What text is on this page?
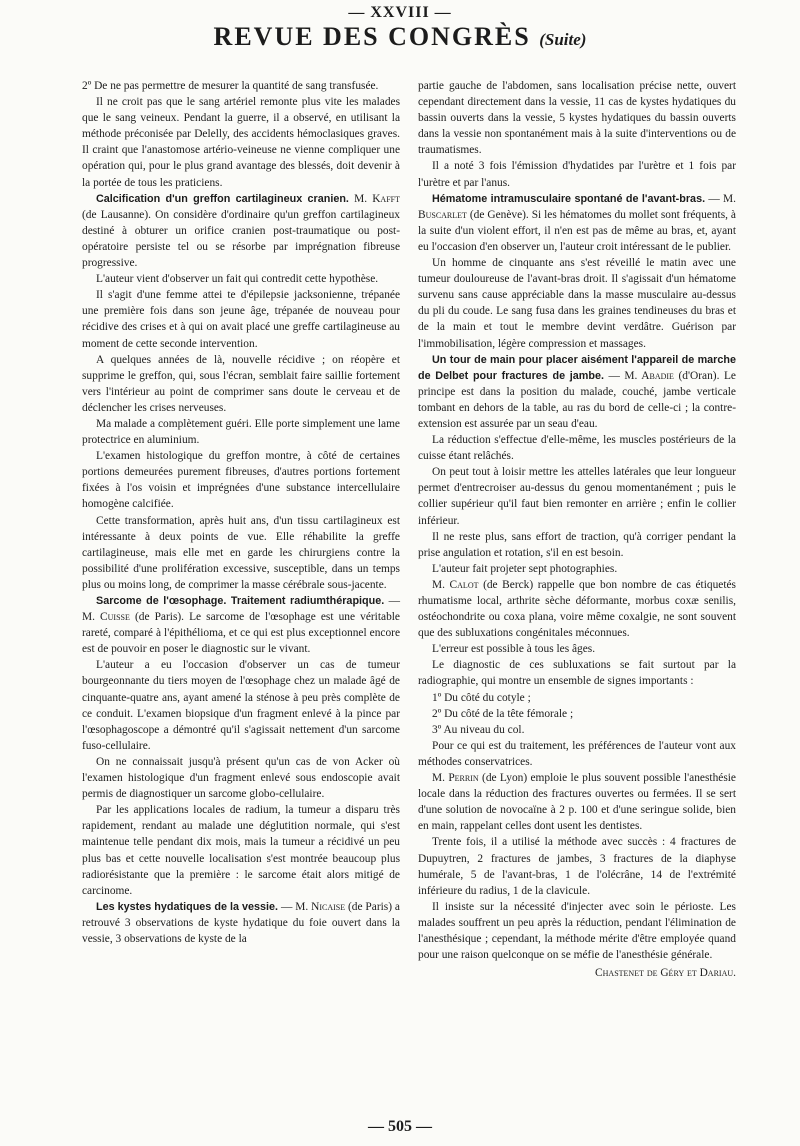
— XXVIII —
REVUE DES CONGRÈS (Suite)

2º De ne pas permettre de mesurer la quantité de sang transfusée.

Il ne croit pas que le sang artériel remonte plus vite les malades que le sang veineux. Pendant la guerre, il a observé, en utilisant la méthode préconisée par Delelly, des accidents hémoclasiques graves. Il craint que l'anastomose artério-veineuse ne vienne compliquer une opération qui, pour le plus grand avantage des blessés, doit devenir à la portée de tous les praticiens.

Calcification d'un greffon cartilagineux cranien. M. Kafft (de Lausanne). On considère d'ordinaire qu'un greffon cartilagineux destiné à obturer un orifice cranien post-traumatique ou post-opératoire persiste tel ou se résorbe par imprégnation fibreuse progressive.

L'auteur vient d'observer un fait qui contredit cette hypothèse.

Il s'agit d'une femme attei te d'épilepsie jacksonienne, trépanée une première fois dans son jeune âge, trépanée de nouveau pour récidive des crises et à qui on avait placé une greffe cartilagineuse au moment de cette seconde intervention.

A quelques années de là, nouvelle récidive ; on réopère et supprime le greffon, qui, sous l'écran, semblait faire saillie fortement vers l'intérieur au point de comprimer sans doute le cerveau et de déclencher les crises nerveuses.

Ma malade a complètement guéri. Elle porte simplement une lame protectrice en aluminium.

L'examen histologique du greffon montre, à côté de certaines portions demeurées purement fibreuses, d'autres portions fortement fixées à l'os voisin et imprégnées d'une substance intercellulaire homogène calcifiée.

Cette transformation, après huit ans, d'un tissu cartilagineux est intéressante à deux points de vue. Elle réhabilite la greffe cartilagineuse, mais elle met en garde les chirurgiens contre la possibilité d'une prolifération excessive, susceptible, dans un temps plus ou moins long, de comprimer la masse cérébrale sous-jacente.

Sarcome de l'œsophage. Traitement radiumthérapique. — M. Cuisse (de Paris). Le sarcome de l'œsophage est une véritable rareté, comparé à l'épithélioma, et ce qui est plus exceptionnel encore est de pouvoir en poser le diagnostic sur le vivant.

L'auteur a eu l'occasion d'observer un cas de tumeur bourgeonnante du tiers moyen de l'œsophage chez un malade âgé de cinquante-quatre ans, ayant amené la sténose à peu près complète de ce conduit. L'examen biopsique d'un fragment enlevé à la pince par l'œsophagoscope a démontré qu'il s'agissait nettement d'un sarcome fuso-cellulaire.

On ne connaissait jusqu'à présent qu'un cas de von Acker où l'examen histologique d'un fragment enlevé sous endoscopie avait permis de diagnostiquer un sarcome globo-cellulaire.

Par les applications locales de radium, la tumeur a disparu très rapidement, rendant au malade une déglutition normale, qui s'est maintenue telle pendant dix mois, mais la tumeur a récidivé un peu plus bas et cette nouvelle localisation s'est montrée beaucoup plus radiorésistante que la première : le sarcome était alors mitigé de carcinome.

Les kystes hydatiques de la vessie. — M. Nicaise (de Paris) a retrouvé 3 observations de kyste hydatique du foie ouvert dans la vessie, 3 observations de kyste de la

partie gauche de l'abdomen, sans localisation précise nette, ouvert cependant directement dans la vessie, 11 cas de kystes hydatiques du bassin ouverts dans la vessie, 5 kystes hydatiques du bassin ouverts dans la vessie non spontanément mais à la suite d'interventions ou de traumatismes.

Il a noté 3 fois l'émission d'hydatides par l'urètre et 1 fois par l'urètre et par l'anus.

Hématome intramusculaire spontané de l'avant-bras. — M. Buscarlet (de Genève). Si les hématomes du mollet sont fréquents, à la suite d'un violent effort, il n'en est pas de même au bras, et, ayant eu l'occasion d'en observer un, l'auteur croit intéressant de le publier.

Un homme de cinquante ans s'est réveillé le matin avec une tumeur douloureuse de l'avant-bras droit. Il s'agissait d'un hématome survenu sans cause appréciable dans la masse musculaire au-dessus du pli du coude. Le sang fusa dans les graines tendineuses du bras et de la main et tout le membre devint verdâtre. Guérison par l'immobilisation, légère compression et massages.

Un tour de main pour placer aisément l'appareil de marche de Delbet pour fractures de jambe. — M. Abadie (d'Oran). Le principe est dans la position du malade, couché, jambe verticale tombant en dehors de la table, au ras du bord de celle-ci ; la contre-extension est assurée par un seau d'eau.

La réduction s'effectue d'elle-même, les muscles postérieurs de la cuisse étant relâchés.

On peut tout à loisir mettre les attelles latérales que leur longueur permet d'entrecroiser au-dessus du genou momentanément ; puis le collier supérieur qu'il faut bien remonter en arrière ; enfin le collier inférieur.

Il ne reste plus, sans effort de traction, qu'à corriger pendant la prise angulation et rotation, s'il en est besoin.

L'auteur fait projeter sept photographies.

M. Calot (de Berck) rappelle que bon nombre de cas étiquetés rhumatisme local, arthrite sèche déformante, morbus coxæ senilis, ostéochondrite ou coxa plana, voire même coxalgie, ne sont souvent que des subluxations congénitales méconnues.

L'erreur est possible à tous les âges.

Le diagnostic de ces subluxations se fait surtout par la radiographie, qui montre un ensemble de signes importants :

1º Du côté du cotyle ;

2º Du côté de la tête fémorale ;

3º Au niveau du col.

Pour ce qui est du traitement, les préférences de l'auteur vont aux méthodes conservatrices.

M. Perrin (de Lyon) emploie le plus souvent possible l'anesthésie locale dans la réduction des fractures ouvertes ou fermées. Il se sert d'une solution de novocaïne à 2 p. 100 et d'une seringue solide, bien en main, rappelant celles dont usent les dentistes.

Trente fois, il a utilisé la méthode avec succès : 4 fractures de Dupuytren, 2 fractures de jambes, 3 fractures de la diaphyse humérale, 5 de l'avant-bras, 1 de l'olécrâne, 14 de l'extrémité inférieure du radius, 1 de la clavicule.

Il insiste sur la nécessité d'injecter avec soin le périoste. Les malades souffrent un peu après la réduction, pendant l'élimination de l'anesthésique ; cependant, la méthode mérite d'être employée quand pour une raison quelconque on se méfie de l'anesthésie générale.

Chastenet de Géry et Dariau.
— 505 —
